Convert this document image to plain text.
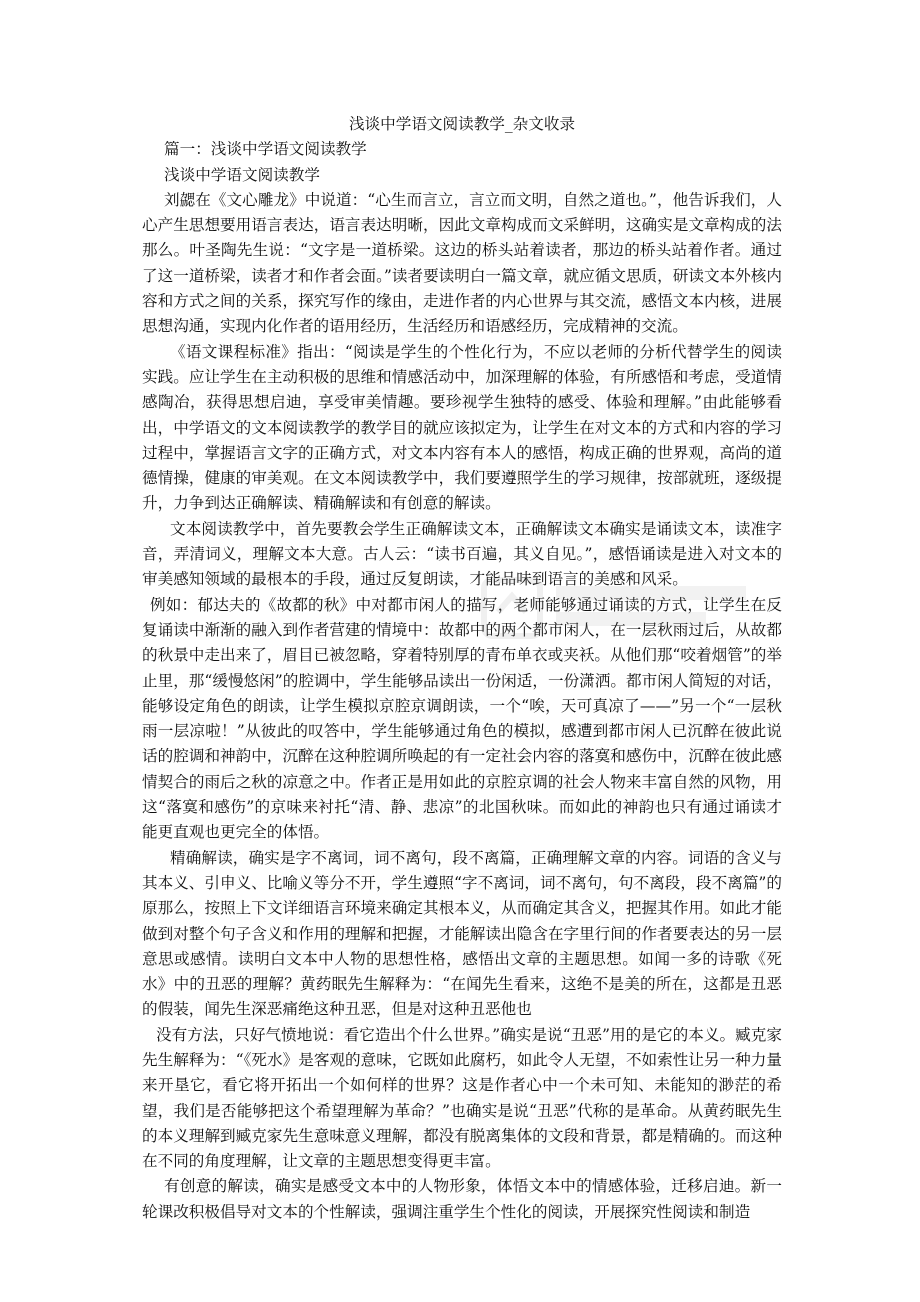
浅谈中学语文阅读教学_杂文收录

篇一：浅谈中学语文阅读教学

浅谈中学语文阅读教学

刘勰在《文心雕龙》中说道：“心生而言立，言立而文明，自然之道也。”，他告诉我们，人心产生思想要用语言表达，语言表达明晰，因此文章构成而文采鲜明，这确实是文章构成的法那么。叶圣陶先生说：“文字是一道桥梁。这边的桥头站着读者，那边的桥头站着作者。通过了这一道桥梁，读者才和作者会面。”读者要读明白一篇文章，就应循文思质，研读文本外核内容和方式之间的关系，探究写作的缘由，走进作者的内心世界与其交流，感悟文本内核，进展思想沟通，实现内化作者的语用经历，生活经历和语感经历，完成精神的交流。

《语文课程标准》指出：“阅读是学生的个性化行为，不应以老师的分析代替学生的阅读实践。应让学生在主动积极的思维和情感活动中，加深理解的体验，有所感悟和考虑，受道情感陶冶，获得思想启迪，享受审美情趣。要珍视学生独特的感受、体验和理解。”由此能够看出，中学语文的文本阅读教学的教学目的就应该拟定为，让学生在对文本的方式和内容的学习过程中，掌握语言文字的正确方式，对文本内容有本人的感悟，构成正确的世界观，高尚的道德情操，健康的审美观。在文本阅读教学中，我们要遵照学生的学习规律，按部就班，逐级提升，力争到达正确解读、精确解读和有创意的解读。

文本阅读教学中，首先要教会学生正确解读文本，正确解读文本确实是诵读文本，读准字音，弄清词义，理解文本大意。古人云：“读书百遍，其义自见。”，感悟诵读是进入对文本的审美感知领域的最根本的手段，通过反复朗读，才能品味到语言的美感和风采。

例如：郁达夫的《故都的秋》中对都市闲人的描写，老师能够通过诵读的方式，让学生在反复诵读中渐渐的融入到作者营建的情境中：故都中的两个都市闲人，在一层秋雨过后，从故都的秋景中走出来了，眉目已被忽略，穿着特别厚的青布单衣或夹袄。从他们那“咬着烟管”的举止里，那“缓慢悠闲”的腔调中，学生能够品读出一份闲适，一份潇洒。都市闲人简短的对话，能够设定角色的朗读，让学生模拟京腔京调朗读，一个“唉，天可真凉了——”另一个“一层秋雨一层凉啦！”从彼此的叹答中，学生能够通过角色的模拟，感遭到都市闲人已沉醉在彼此说话的腔调和神韵中，沉醉在这种腔调所唤起的有一定社会内容的落寞和感伤中，沉醉在彼此感情契合的雨后之秋的凉意之中。作者正是用如此的京腔京调的社会人物来丰富自然的风物，用这“落寞和感伤”的京味来衬托“清、静、悲凉”的北国秋味。而如此的神韵也只有通过诵读才能更直观也更完全的体悟。

精确解读，确实是字不离词，词不离句，段不离篇，正确理解文章的内容。词语的含义与其本义、引申义、比喻义等分不开，学生遵照“字不离词，词不离句，句不离段，段不离篇”的原那么，按照上下文详细语言环境来确定其根本义，从而确定其含义，把握其作用。如此才能做到对整个句子含义和作用的理解和把握，才能解读出隐含在字里行间的作者要表达的另一层意思或感情。读明白文本中人物的思想性格，感悟出文章的主题思想。如闻一多的诗歌《死水》中的丑恶的理解？黄药眠先生解释为：“在闻先生看来，这绝不是美的所在，这都是丑恶的假装，闻先生深恶痛绝这种丑恶，但是对这种丑恶他也

没有方法，只好气愤地说：看它造出个什么世界。”确实是说“丑恶”用的是它的本义。臧克家先生解释为：“《死水》是客观的意味，它既如此腐朽，如此令人无望，不如索性让另一种力量来开垦它，看它将开拓出一个如何样的世界？这是作者心中一个未可知、未能知的渺茫的希望，我们是否能够把这个希望理解为革命？”也确实是说“丑恶”代称的是革命。从黄药眠先生的本义理解到臧克家先生意味意义理解，都没有脱离集体的文段和背景，都是精确的。而这种在不同的角度理解，让文章的主题思想变得更丰富。

有创意的解读，确实是感受文本中的人物形象，体悟文本中的情感体验，迁移启迪。新一轮课改积极倡导对文本的个性解读，强调注重学生个性化的阅读，开展探究性阅读和制造
